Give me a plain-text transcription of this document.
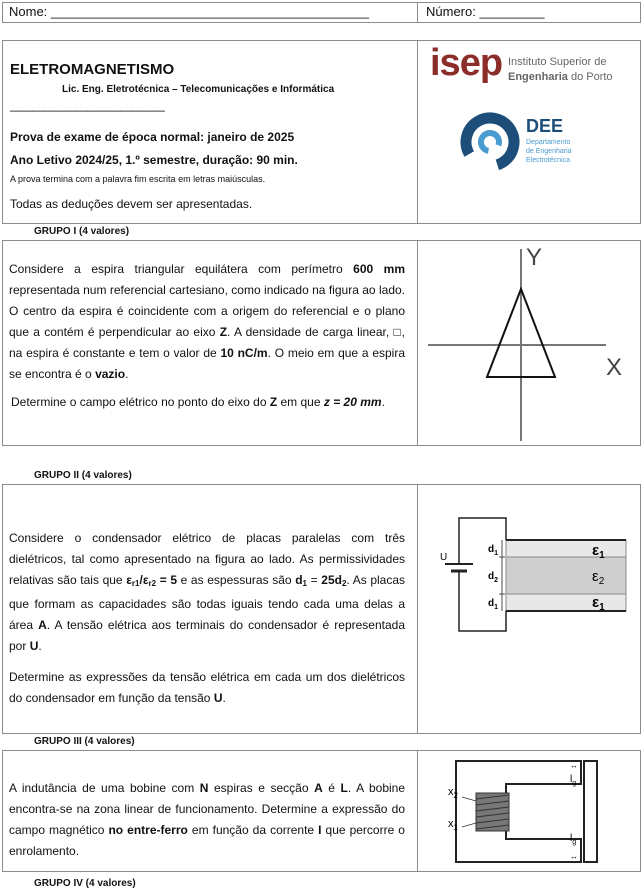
Nome: ____________________________________________	Número: _________
ELETROMAGNETISMO
Lic. Eng. Eletrotécnica – Telecomunicações e Informática
——————————————
Prova de exame de época normal: janeiro de 2025
Ano Letivo 2024/25, 1.º semestre, duração: 90 min.
A prova termina com a palavra fim escrita em letras maiúsculas.
Todas as deduções devem ser apresentadas.
isep Instituto Superior de
Engenharia do Porto
DEE
Departamento
de Engenharia
Electrotécnica
GRUPO I (4 valores)
Considere a espira triangular equilátera com perímetro 600 mm representada num referencial cartesiano, como indicado na figura ao lado. O centro da espira é coincidente com a origem do referencial e o plano que a contém é perpendicular ao eixo Z. A densidade de carga linear, □, na espira é constante e tem o valor de 10 nC/m. O meio em que a espira se encontra é o vazio.
Determine o campo elétrico no ponto do eixo do Z em que z = 20 mm.
Y
X
GRUPO II (4 valores)
Considere o condensador elétrico de placas paralelas com três dielétricos, tal como apresentado na figura ao lado. As permissividades relativas são tais que $\varepsilon_{r1}/\varepsilon_{r2} = 5$ e as espessuras são $d_1 = 25d_2$. As placas que formam as capacidades são todas iguais tendo cada uma delas a área A. A tensão elétrica aos terminais do condensador é representada por U.
Determine as expressões da tensão elétrica em cada um dos dielétricos do condensador em função da tensão U.
U
$d_1$
$d_2$
$d_1$
$\varepsilon_1$
$\varepsilon_2$
$\varepsilon_1$
GRUPO III (4 valores)
A indutância de uma bobine com N espiras e secção A é L. A bobine encontra-se na zona linear de funcionamento. Determine a expressão do campo magnético no entre-ferro em função da corrente I que percorre o enrolamento.
$x_2$
$x_1$
$l_g$
$l_g$
↔
↔
GRUPO IV (4 valores)
